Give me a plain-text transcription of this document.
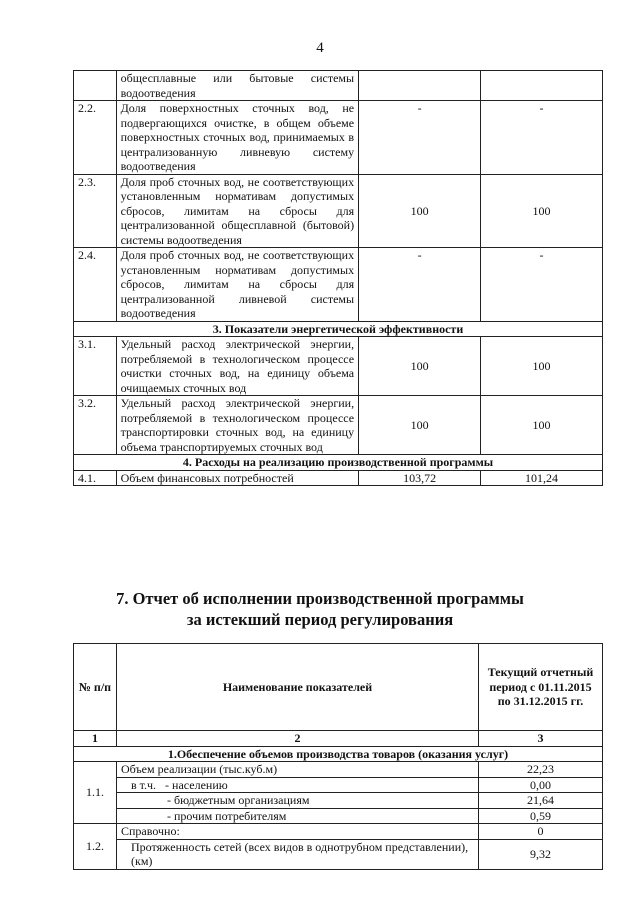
4
	общесплавные или бытовые системы водоотведения		
2.2.	Доля поверхностных сточных вод, не подвергающихся очистке, в общем объеме поверхностных сточных вод, принимаемых в централизованную ливневую систему водоотведения	-	-
2.3.	Доля проб сточных вод, не соответствующих установленным нормативам допустимых сбросов, лимитам на сбросы для централизованной общесплавной (бытовой) системы водоотведения	100	100
2.4.	Доля проб сточных вод, не соответствующих установленным нормативам допустимых сбросов, лимитам на сбросы для централизованной ливневой системы водоотведения	-	-
3. Показатели энергетической эффективности			
3.1.	Удельный расход электрической энергии, потребляемой в технологическом процессе очистки сточных вод, на единицу объема очищаемых сточных вод	100	100
3.2.	Удельный расход электрической энергии, потребляемой в технологическом процессе транспортировки сточных вод, на единицу объема транспортируемых сточных вод	100	100
4. Расходы на реализацию производственной программы			
4.1.	Объем финансовых потребностей	103,72	101,24
7. Отчет об исполнении производственной программы
за истекший период регулирования
№ п/п	Наименование показателей	Текущий отчетный период с 01.11.2015 по 31.12.2015 гг.
1	2	3
1.Обеспечение объемов производства товаров (оказания услуг)		
1.1.	Объем реализации (тыс.куб.м)	22,23
	в т.ч. - населению	0,00
	- бюджетным организациям	21,64
	- прочим потребителям	0,59
1.2.	Справочно:	0
	Протяженность сетей (всех видов в однотрубном представлении), (км)	9,32
